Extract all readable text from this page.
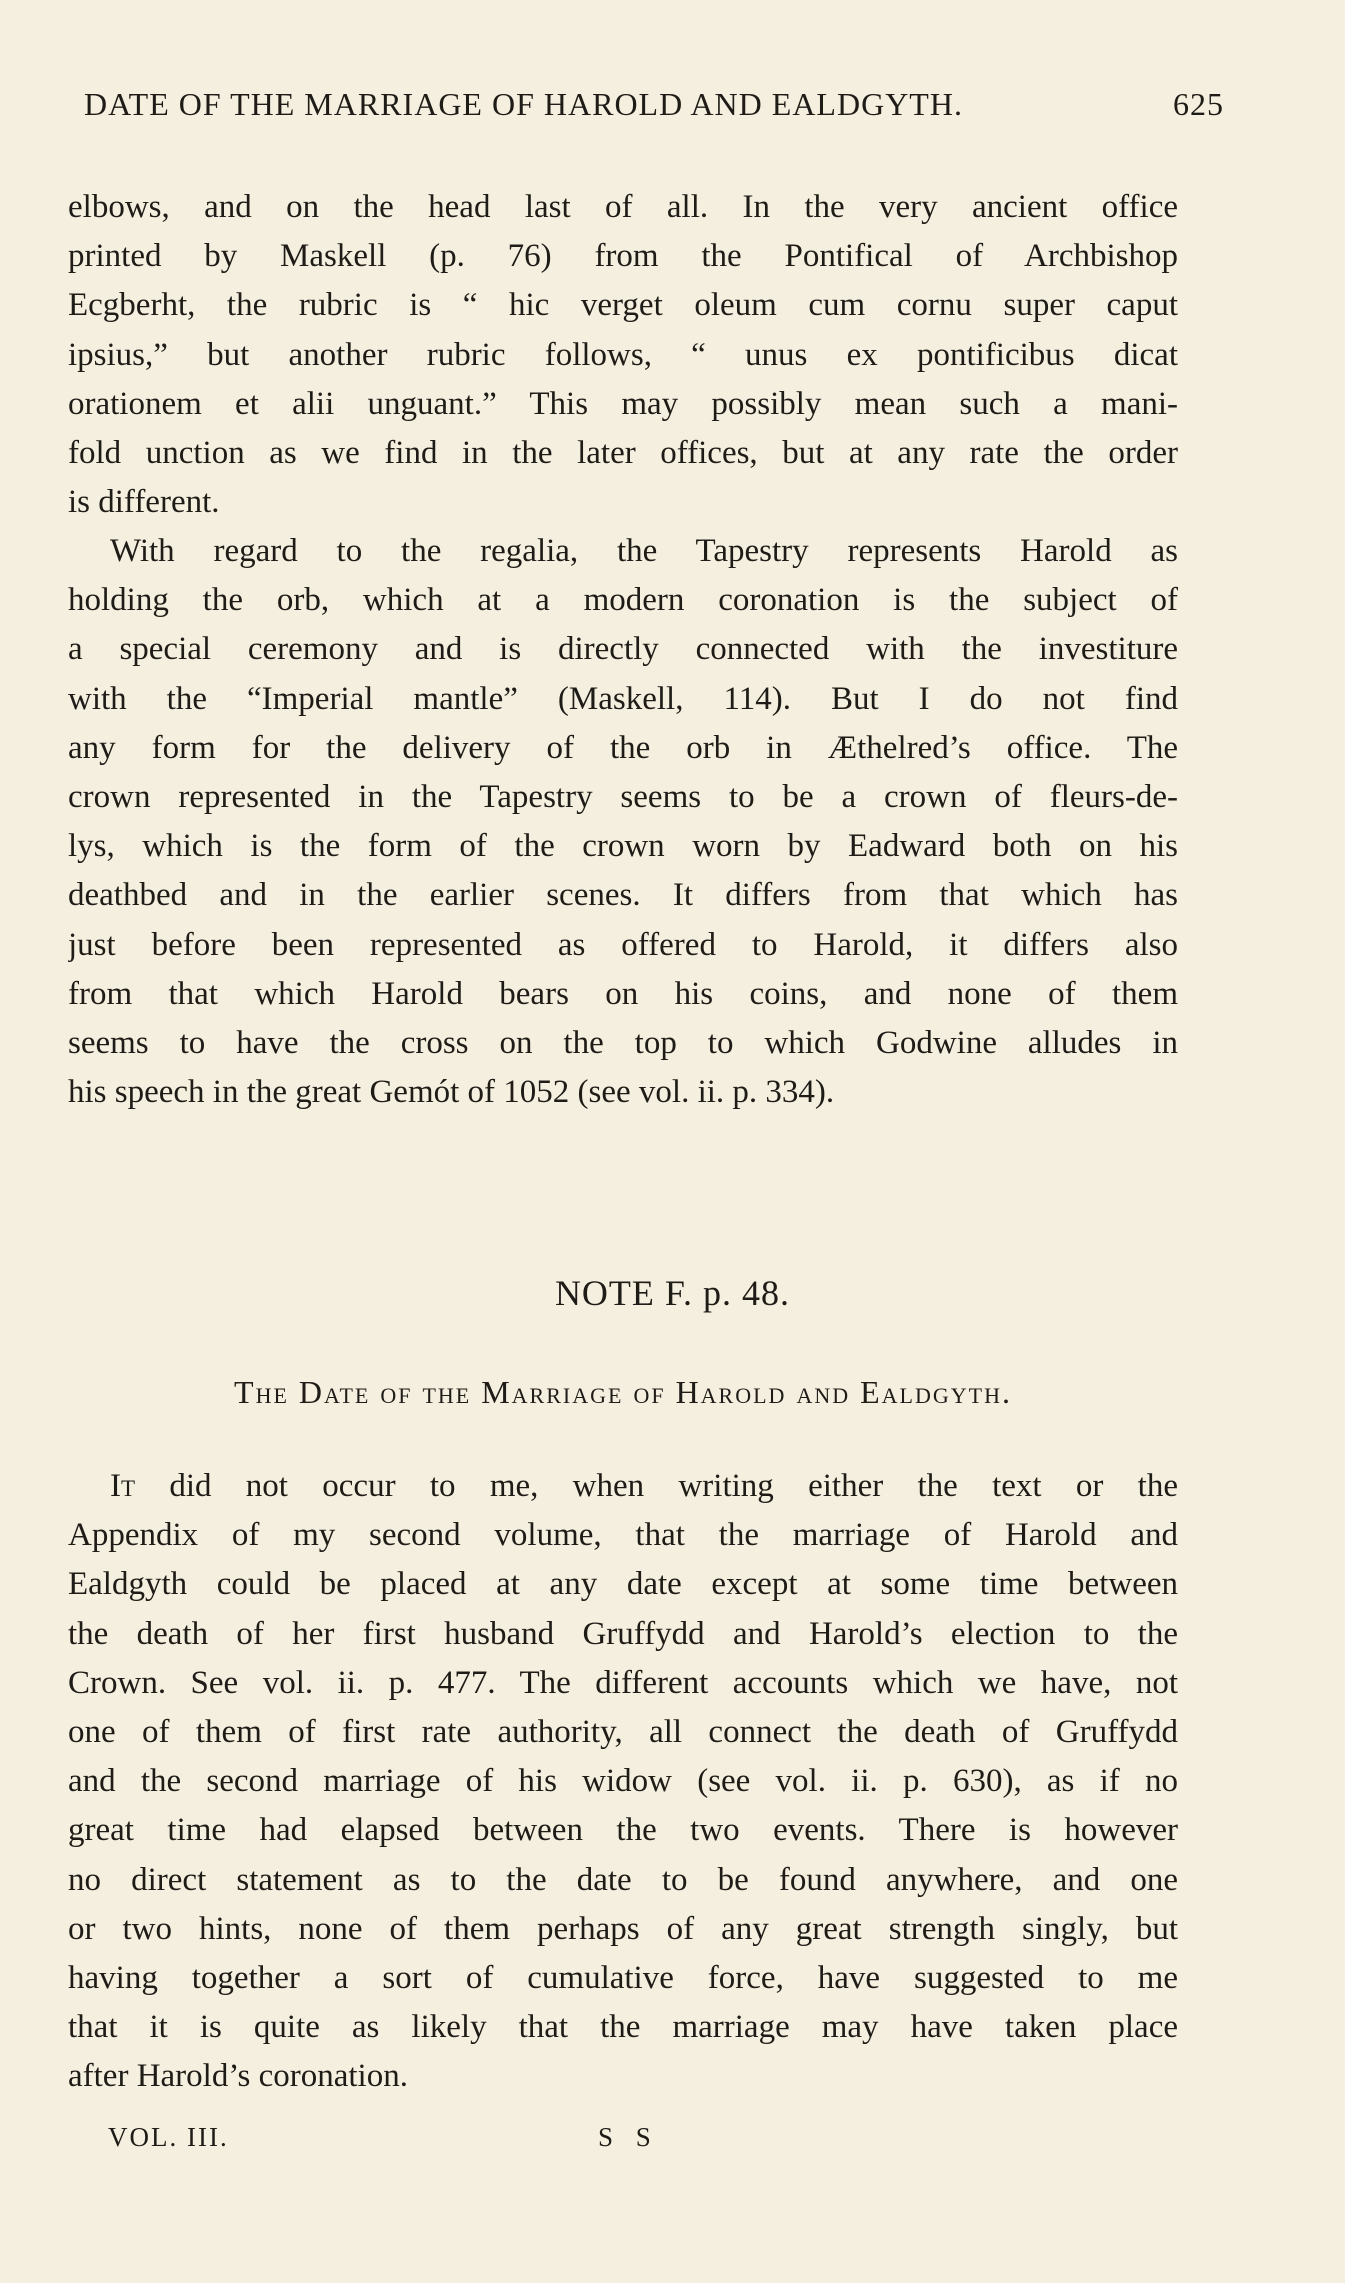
DATE OF THE MARRIAGE OF HAROLD AND EALDGYTH.	625
elbows, and on the head last of all. In the very ancient office
printed by Maskell (p. 76) from the Pontifical of Archbishop
Ecgberht, the rubric is “ hic verget oleum cum cornu super caput
ipsius,” but another rubric follows, “ unus ex pontificibus dicat
orationem et alii unguant.” This may possibly mean such a mani-
fold unction as we find in the later offices, but at any rate the order
is different.
With regard to the regalia, the Tapestry represents Harold as
holding the orb, which at a modern coronation is the subject of
a special ceremony and is directly connected with the investiture
with the “Imperial mantle” (Maskell, 114). But I do not find
any form for the delivery of the orb in Æthelred’s office. The
crown represented in the Tapestry seems to be a crown of fleurs-de-
lys, which is the form of the crown worn by Eadward both on his
deathbed and in the earlier scenes. It differs from that which has
just before been represented as offered to Harold, it differs also
from that which Harold bears on his coins, and none of them
seems to have the cross on the top to which Godwine alludes in
his speech in the great Gemót of 1052 (see vol. ii. p. 334).
NOTE F. p. 48.
The Date of the Marriage of Harold and Ealdgyth.
It did not occur to me, when writing either the text or the
Appendix of my second volume, that the marriage of Harold and
Ealdgyth could be placed at any date except at some time between
the death of her first husband Gruffydd and Harold’s election to the
Crown. See vol. ii. p. 477. The different accounts which we have, not
one of them of first rate authority, all connect the death of Gruffydd
and the second marriage of his widow (see vol. ii. p. 630), as if no
great time had elapsed between the two events. There is however
no direct statement as to the date to be found anywhere, and one
or two hints, none of them perhaps of any great strength singly, but
having together a sort of cumulative force, have suggested to me
that it is quite as likely that the marriage may have taken place
after Harold’s coronation.
VOL. III.	S S
